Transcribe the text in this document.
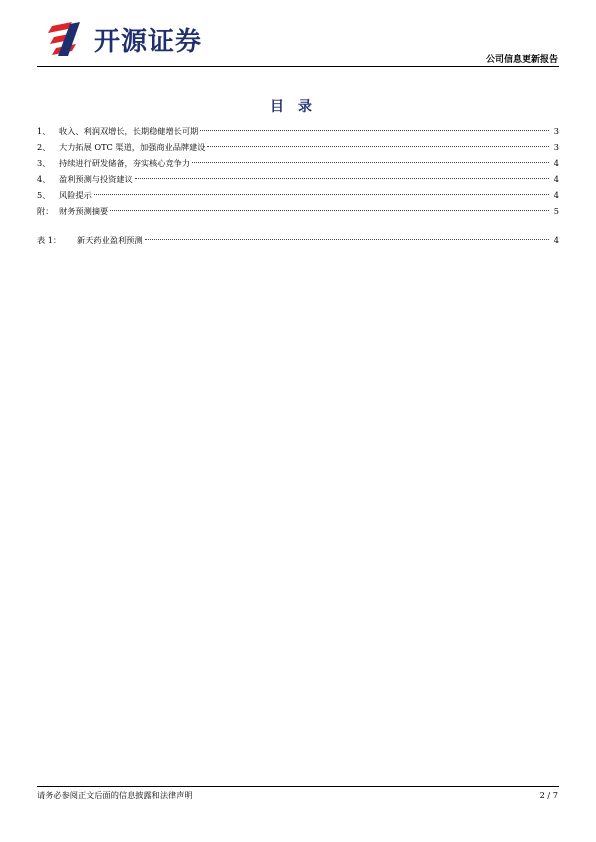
开源证券
公司信息更新报告
目录
1、	收入、利润双增长，长期稳健增长可期	3
2、	大力拓展 OTC 渠道，加强商业品牌建设	3
3、	持续进行研发储备，夯实核心竞争力	4
4、	盈利预测与投资建议	4
5、	风险提示	4
附： 财务预测摘要	5
表 1：	新天药业盈利预测	4
请务必参阅正文后面的信息披露和法律声明	2 / 7
